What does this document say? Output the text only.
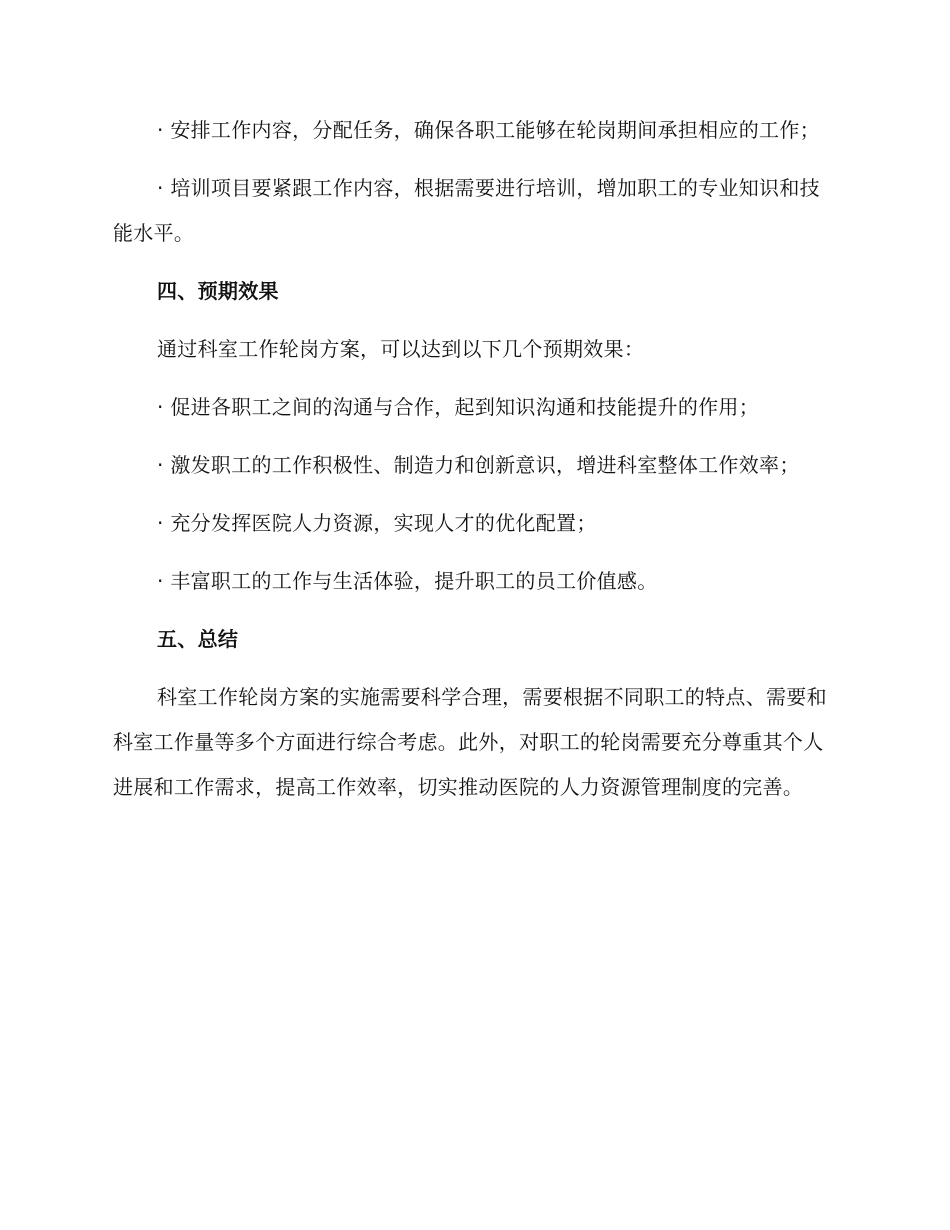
· 安排工作内容，分配任务，确保各职工能够在轮岗期间承担相应的工作；

· 培训项目要紧跟工作内容，根据需要进行培训，增加职工的专业知识和技能水平。

四、预期效果

通过科室工作轮岗方案，可以达到以下几个预期效果：

· 促进各职工之间的沟通与合作，起到知识沟通和技能提升的作用；

· 激发职工的工作积极性、制造力和创新意识，增进科室整体工作效率；

· 充分发挥医院人力资源，实现人才的优化配置；

· 丰富职工的工作与生活体验，提升职工的员工价值感。

五、总结

科室工作轮岗方案的实施需要科学合理，需要根据不同职工的特点、需要和科室工作量等多个方面进行综合考虑。此外，对职工的轮岗需要充分尊重其个人进展和工作需求，提高工作效率，切实推动医院的人力资源管理制度的完善。
